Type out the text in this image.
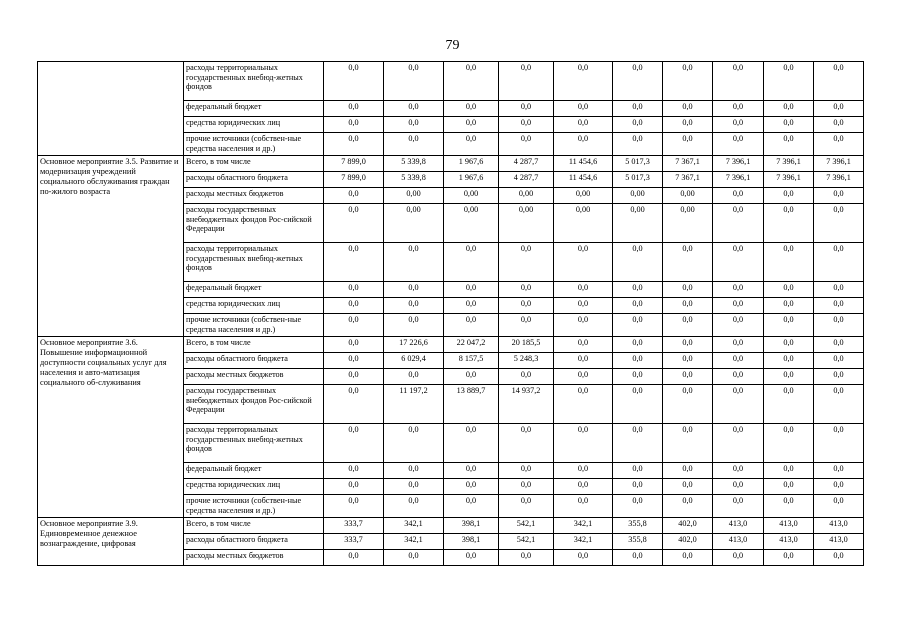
79
	расходы территориальных государственных внебюд-жетных фондов	0,0	0,0	0,0	0,0	0,0	0,0	0,0	0,0	0,0	0,0
	федеральный бюджет	0,0	0,0	0,0	0,0	0,0	0,0	0,0	0,0	0,0	0,0
	средства юридических лиц	0,0	0,0	0,0	0,0	0,0	0,0	0,0	0,0	0,0	0,0
	прочие источники (собствен-ные средства населения и др.)	0,0	0,0	0,0	0,0	0,0	0,0	0,0	0,0	0,0	0,0
Основное мероприятие 3.5. Развитие и модернизация учреждений социального обслуживания граждан по-жилого возраста	Всего, в том числе	7 899,0	5 339,8	1 967,6	4 287,7	11 454,6	5 017,3	7 367,1	7 396,1	7 396,1	7 396,1
	расходы областного бюджета	7 899,0	5 339,8	1 967,6	4 287,7	11 454,6	5 017,3	7 367,1	7 396,1	7 396,1	7 396,1
	расходы местных бюджетов	0,0	0,00	0,00	0,00	0,00	0,00	0,00	0,0	0,0	0,0
	расходы государственных внебюджетных фондов Рос-сийской Федерации	0,0	0,00	0,00	0,00	0,00	0,00	0,00	0,0	0,0	0,0
	расходы территориальных государственных внебюд-жетных фондов	0,0	0,0	0,0	0,0	0,0	0,0	0,0	0,0	0,0	0,0
	федеральный бюджет	0,0	0,0	0,0	0,0	0,0	0,0	0,0	0,0	0,0	0,0
	средства юридических лиц	0,0	0,0	0,0	0,0	0,0	0,0	0,0	0,0	0,0	0,0
	прочие источники (собствен-ные средства населения и др.)	0,0	0,0	0,0	0,0	0,0	0,0	0,0	0,0	0,0	0,0
Основное мероприятие 3.6. Повышение информационной доступности социальных услуг для населения и авто-матизация социального об-служивания	Всего, в том числе	0,0	17 226,6	22 047,2	20 185,5	0,0	0,0	0,0	0,0	0,0	0,0
	расходы областного бюджета	0,0	6 029,4	8 157,5	5 248,3	0,0	0,0	0,0	0,0	0,0	0,0
	расходы местных бюджетов	0,0	0,0	0,0	0,0	0,0	0,0	0,0	0,0	0,0	0,0
	расходы государственных внебюджетных фондов Рос-сийской Федерации	0,0	11 197,2	13 889,7	14 937,2	0,0	0,0	0,0	0,0	0,0	0,0
	расходы территориальных государственных внебюд-жетных фондов	0,0	0,0	0,0	0,0	0,0	0,0	0,0	0,0	0,0	0,0
	федеральный бюджет	0,0	0,0	0,0	0,0	0,0	0,0	0,0	0,0	0,0	0,0
	средства юридических лиц	0,0	0,0	0,0	0,0	0,0	0,0	0,0	0,0	0,0	0,0
	прочие источники (собствен-ные средства населения и др.)	0,0	0,0	0,0	0,0	0,0	0,0	0,0	0,0	0,0	0,0
Основное мероприятие 3.9. Единовременное денежное вознаграждение, цифровая	Всего, в том числе	333,7	342,1	398,1	542,1	342,1	355,8	402,0	413,0	413,0	413,0
	расходы областного бюджета	333,7	342,1	398,1	542,1	342,1	355,8	402,0	413,0	413,0	413,0
	расходы местных бюджетов	0,0	0,0	0,0	0,0	0,0	0,0	0,0	0,0	0,0	0,0
